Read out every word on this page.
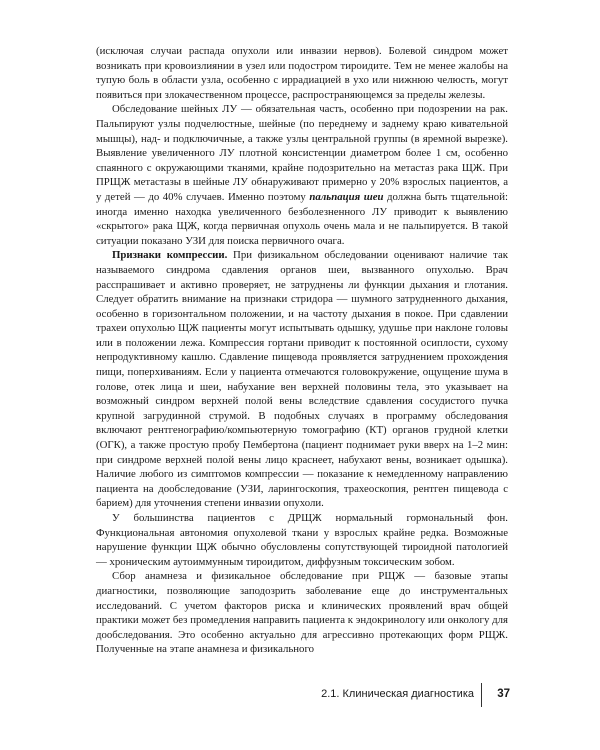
(исключая случаи распада опухоли или инвазии нервов). Болевой синдром может возникать при кровоизлиянии в узел или подостром тироидите. Тем не менее жалобы на тупую боль в области узла, особенно с иррадиацией в ухо или нижнюю челюсть, могут появиться при злокачественном процессе, распространяющемся за пределы железы.

Обследование шейных ЛУ — обязательная часть, особенно при подозрении на рак. Пальпируют узлы подчелюстные, шейные (по переднему и заднему краю кивательной мышцы), над- и подключичные, а также узлы центральной группы (в яремной вырезке). Выявление увеличенного ЛУ плотной консистенции диаметром более 1 см, особенно спаянного с окружающими тканями, крайне подозрительно на метастаз рака ЩЖ. При ПРЩЖ метастазы в шейные ЛУ обнаруживают примерно у 20% взрослых пациентов, а у детей — до 40% случаев. Именно поэтому пальпация шеи должна быть тщательной: иногда именно находка увеличенного безболезненного ЛУ приводит к выявлению «скрытого» рака ЩЖ, когда первичная опухоль очень мала и не пальпируется. В такой ситуации показано УЗИ для поиска первичного очага.

Признаки компрессии. При физикальном обследовании оценивают наличие так называемого синдрома сдавления органов шеи, вызванного опухолью. Врач расспрашивает и активно проверяет, не затруднены ли функции дыхания и глотания. Следует обратить внимание на признаки стридора — шумного затрудненного дыхания, особенно в горизонтальном положении, и на частоту дыхания в покое. При сдавлении трахеи опухолью ЩЖ пациенты могут испытывать одышку, удушье при наклоне головы или в положении лежа. Компрессия гортани приводит к постоянной осиплости, сухому непродуктивному кашлю. Сдавление пищевода проявляется затруднением прохождения пищи, поперхиваниям. Если у пациента отмечаются головокружение, ощущение шума в голове, отек лица и шеи, набухание вен верхней половины тела, это указывает на возможный синдром верхней полой вены вследствие сдавления сосудистого пучка крупной загрудинной струмой. В подобных случаях в программу обследования включают рентгенографию/компьютерную томографию (КТ) органов грудной клетки (ОГК), а также простую пробу Пембертона (пациент поднимает руки вверх на 1–2 мин: при синдроме верхней полой вены лицо краснеет, набухают вены, возникает одышка). Наличие любого из симптомов компрессии — показание к немедленному направлению пациента на дообследование (УЗИ, ларингоскопия, трахеоскопия, рентген пищевода с барием) для уточнения степени инвазии опухоли.

У большинства пациентов с ДРЩЖ нормальный гормональный фон. Функциональная автономия опухолевой ткани у взрослых крайне редка. Возможные нарушение функции ЩЖ обычно обусловлены сопутствующей тироидной патологией — хроническим аутоиммунным тироидитом, диффузным токсическим зобом.

Сбор анамнеза и физикальное обследование при РЩЖ — базовые этапы диагностики, позволяющие заподозрить заболевание еще до инструментальных исследований. С учетом факторов риска и клинических проявлений врач общей практики может без промедления направить пациента к эндокринологу или онкологу для дообследования. Это особенно актуально для агрессивно протекающих форм РЩЖ. Полученные на этапе анамнеза и физикального

2.1. Клиническая диагностика 37
